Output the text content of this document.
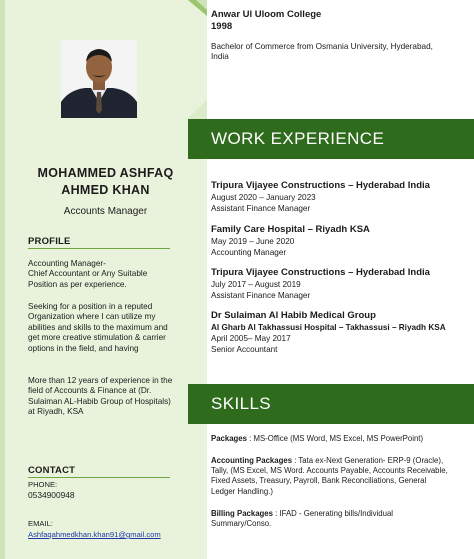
MOHAMMED ASHFAQ
AHMED KHAN
Accounts Manager
PROFILE
Accounting Manager-
Chief Accountant or Any Suitable Position as per experience.
Seeking for a position in a reputed Organization where I can utilize my abilities and skills to the maximum and get more creative stimulation & carrier options in the field, and having
More than 12 years of experience in the field of Accounts & Finance at (Dr. Sulaiman AL-Habib Group of Hospitals) at Riyadh, KSA
CONTACT
PHONE:
0534900948
EMAIL:
Ashfaqahmedkhan.khan91@gmail.com
Anwar Ul Uloom College
1998
Bachelor of Commerce from Osmania University, Hyderabad, India
WORK EXPERIENCE
Tripura Vijayee Constructions – Hyderabad India
August 2020 – January 2023
Assistant Finance Manager
Family Care Hospital – Riyadh KSA
May 2019 – June 2020
Accounting Manager
Tripura Vijayee Constructions – Hyderabad India
July 2017 – August 2019
Assistant Finance Manager
Dr Sulaiman Al Habib Medical Group
Al Gharb Al Takhassusi Hospital – Takhassusi – Riyadh KSA
April 2005– May 2017
Senior Accountant
SKILLS
Packages : MS-Office (MS Word, MS Excel, MS PowerPoint)
Accounting Packages : Tata ex-Next Generation- ERP-9 (Oracle), Tally, (MS Excel, MS Word. Accounts Payable, Accounts Receivable, Fixed Assets, Treasury, Payroll, Bank Reconciliations, General Ledger Handling.)
Billing Packages : IFAD - Generating bills/Individual Summary/Conso.
